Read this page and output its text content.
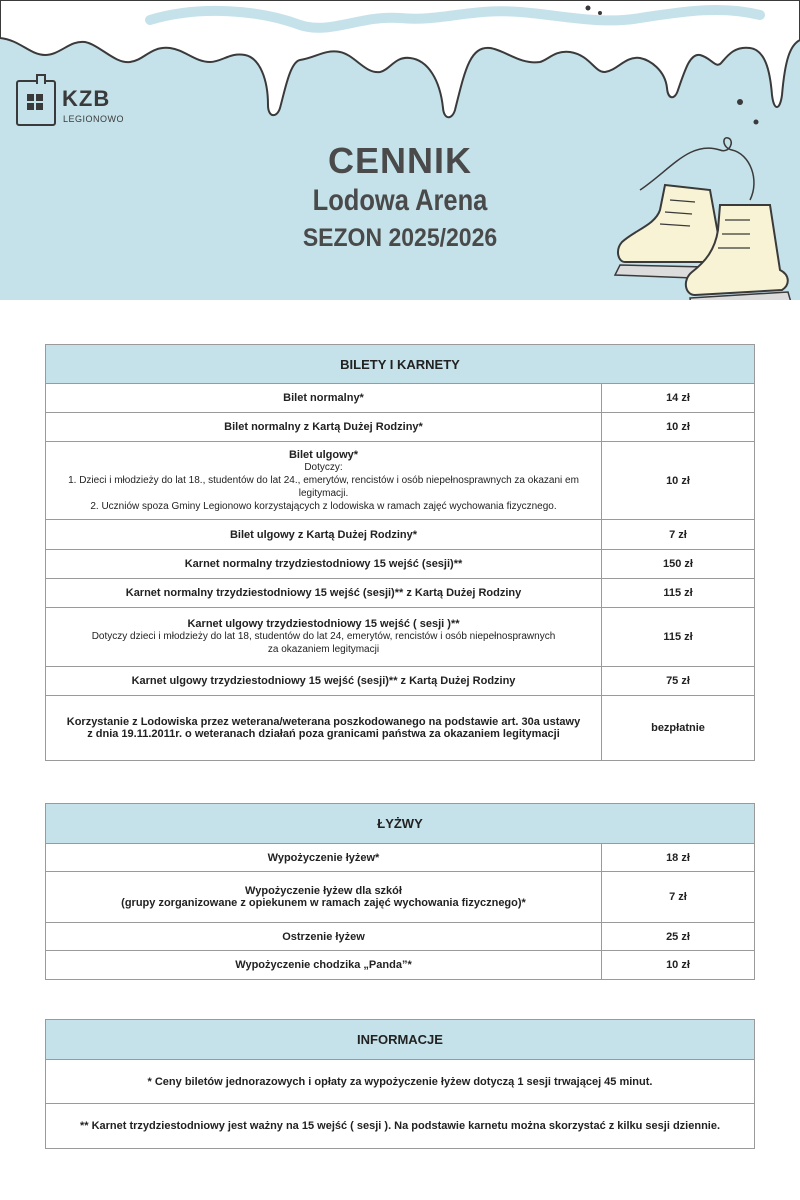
KZB
LEGIONOWO
CENNIK
Lodowa Arena
SEZON 2025/2026
BILETY I KARNETY	
Bilet normalny*	14 zł
Bilet normalny z Kartą Dużej Rodziny*	10 zł

Bilet ulgowy*
Dotyczy:
1. Dzieci i młodzieży do lat 18., studentów do lat 24., emerytów, rencistów i osób niepełnosprawnych za okazani em legitymacji.
2. Uczniów spoza Gminy Legionowo korzystających z lodowiska w ramach zajęć wychowania fizycznego.	10 zł
Bilet ulgowy z Kartą Dużej Rodziny*	7 zł
Karnet normalny trzydziestodniowy 15 wejść (sesji)**	150 zł
Karnet normalny trzydziestodniowy 15 wejść (sesji)** z Kartą Dużej Rodziny	115 zł

Karnet ulgowy trzydziestodniowy 15 wejść ( sesji )**
Dotyczy dzieci i młodzieży do lat 18, studentów do lat 24, emerytów, rencistów i osób niepełnosprawnych
za okazaniem legitymacji	115 zł
Karnet ulgowy trzydziestodniowy 15 wejść (sesji)** z Kartą Dużej Rodziny	75 zł

Korzystanie z Lodowiska przez weterana/weterana poszkodowanego na podstawie art. 30a ustawy
z dnia 19.11.2011r. o weteranach działań poza granicami państwa za okazaniem legitymacji	bezpłatnie
ŁYŻWY	
Wypożyczenie łyżew*	18 zł

Wypożyczenie łyżew dla szkół
(grupy zorganizowane z opiekunem w ramach zajęć wychowania fizycznego)*	7 zł
Ostrzenie łyżew	25 zł
Wypożyczenie chodzika „Panda”*	10 zł
INFORMACJE
* Ceny biletów jednorazowych i opłaty za wypożyczenie łyżew dotyczą 1 sesji trwającej 45 minut.
** Karnet trzydziestodniowy jest ważny na 15 wejść ( sesji ). Na podstawie karnetu można skorzystać z kilku sesji dziennie.
